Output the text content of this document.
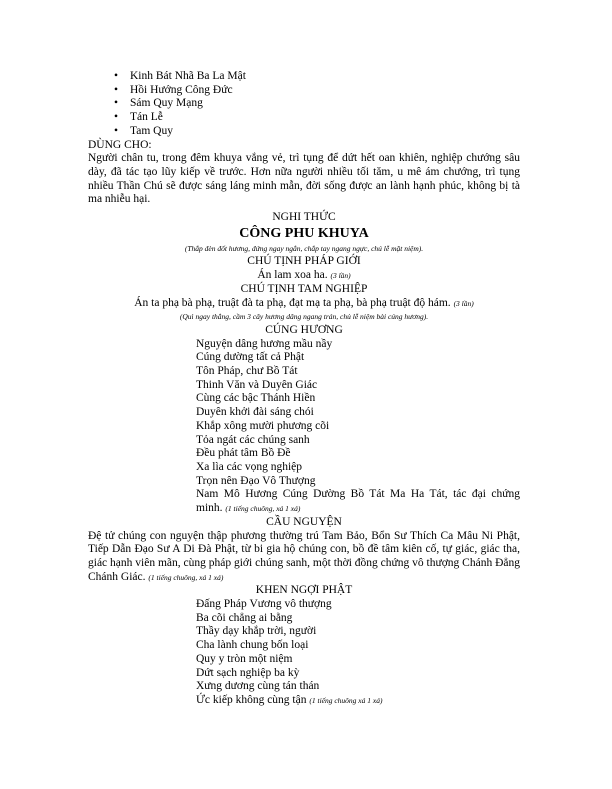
• Kinh Bát Nhã Ba La Mật
• Hồi Hướng Công Đức
• Sám Quy Mạng
• Tán Lễ
• Tam Quy
DÙNG CHO:
Người chân tu, trong đêm khuya vắng vẻ, trì tụng để dứt hết oan khiên, nghiệp chướng sâu dày, đã tác tạo lũy kiếp về trước. Hơn nữa người nhiều tối tăm, u mê ám chướng, trì tụng nhiều Thần Chú sẽ được sáng láng minh mẫn, đời sống được an lành hạnh phúc, không bị tà ma nhiễu hại.
NGHI THỨC
CÔNG PHU KHUYA
(Thắp đèn đốt hương, đứng ngay ngắn, chắp tay ngang ngực, chú lễ mặt niệm).
CHÚ TỊNH PHÁP GIỚI
Án lam xoa ha. (3 lần)
CHÚ TỊNH TAM NGHIỆP
Án ta phạ bà phạ, truật đà ta phạ, đạt mạ ta phạ, bà phạ truật độ hám. (3 lần)
(Quì ngay thẳng, cầm 3 cây hương dâng ngang trán, chủ lễ niệm bài cúng hương).
CÚNG HƯƠNG
Nguyện dâng hương mầu nầy
Cúng dường tất cả Phật
Tôn Pháp, chư Bồ Tát
Thinh Văn và Duyên Giác
Cùng các bậc Thánh Hiền
Duyên khởi đài sáng chói
Khắp xông mười phương cõi
Tỏa ngát các chúng sanh
Đều phát tâm Bồ Đề
Xa lìa các vọng nghiệp
Trọn nên Đạo Vô Thượng
Nam Mô Hương Cúng Dường Bồ Tát Ma Ha Tát, tác đại chứng
minh. (1 tiếng chuông, xá 1 xá)
CẦU NGUYỆN
Đệ tử chúng con nguyện thập phương thường trú Tam Bảo, Bổn Sư Thích Ca Mâu Ni Phật, Tiếp Dẫn Đạo Sư A Di Đà Phật, từ bi gia hộ chúng con, bồ đề tâm kiên cố, tự giác, giác tha, giác hạnh viên mãn, cùng pháp giới chúng sanh, một thời đồng chứng vô thượng Chánh Đẳng Chánh Giác. (1 tiếng chuông, xá 1 xá)
KHEN NGỢI PHẬT
Đấng Pháp Vương vô thượng
Ba cõi chẳng ai bằng
Thầy dạy khắp trời, người
Cha lành chung bốn loại
Quy y tròn một niệm
Dứt sạch nghiệp ba kỳ
Xưng dương cùng tán thán
Ức kiếp không cùng tận (1 tiếng chuông xá 1 xá)
